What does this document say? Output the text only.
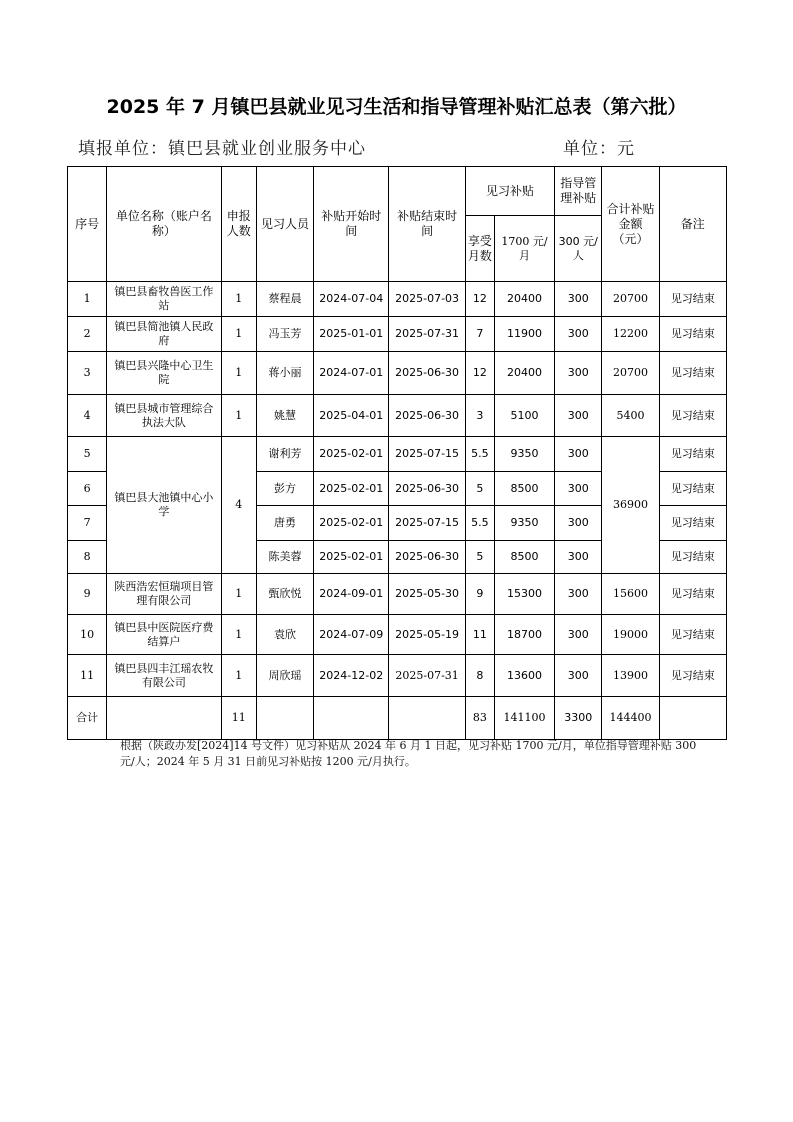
2025 年 7 月镇巴县就业见习生活和指导管理补贴汇总表（第六批）
填报单位：镇巴县就业创业服务中心	单位：元
序号	单位名称（账户名称）	申报人数	见习人员	补贴开始时间	补贴结束时间	见习补贴		指导管理补贴	合计补贴金额（元）	备注
						享受月数	1700 元/月	300 元/人		
1	镇巴县畜牧兽医工作站	1	蔡程晨	2024-07-04	2025-07-03	12	20400	300	20700	见习结束
2	镇巴县简池镇人民政府	1	冯玉芳	2025-01-01	2025-07-31	7	11900	300	12200	见习结束
3	镇巴县兴隆中心卫生院	1	蒋小丽	2024-07-01	2025-06-30	12	20400	300	20700	见习结束
4	镇巴县城市管理综合执法大队	1	姚慧	2025-04-01	2025-06-30	3	5100	300	5400	见习结束
5	镇巴县大池镇中心小学	4	谢利芳	2025-02-01	2025-07-15	5.5	9350	300	36900	见习结束
6			彭方	2025-02-01	2025-06-30	5	8500	300		见习结束
7			唐勇	2025-02-01	2025-07-15	5.5	9350	300		见习结束
8			陈美蓉	2025-02-01	2025-06-30	5	8500	300		见习结束
9	陕西浩宏恒瑞项目管理有限公司	1	甄欣悦	2024-09-01	2025-05-30	9	15300	300	15600	见习结束
10	镇巴县中医院医疗费结算户	1	袁欣	2024-07-09	2025-05-19	11	18700	300	19000	见习结束
11	镇巴县四丰江瑶农牧有限公司	1	周欣瑶	2024-12-02	2025-07-31	8	13600	300	13900	见习结束
合计		11				83	141100	3300	144400	
根据（陕政办发[2024]14 号文件）见习补贴从 2024 年 6 月 1 日起，见习补贴 1700 元/月，单位指导管理补贴 300 元/人；2024 年 5 月 31 日前见习补贴按 1200 元/月执行。
